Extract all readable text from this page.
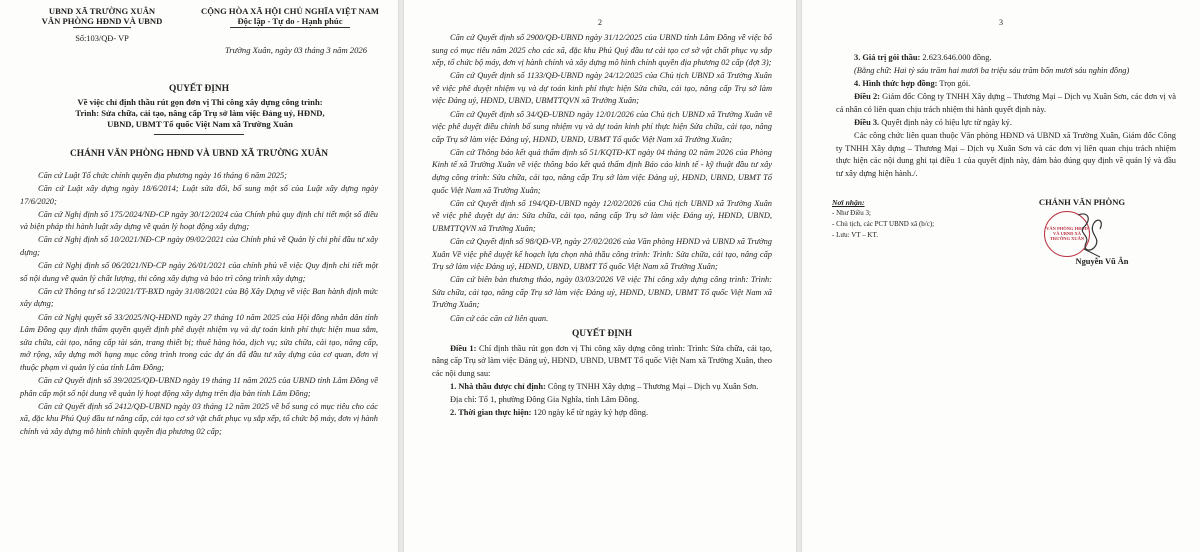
UBND XÃ TRƯỜNG XUÂN
VĂN PHÒNG HĐND VÀ UBND
Số:103/QĐ- VP
CỘNG HÒA XÃ HỘI CHỦ NGHĨA VIỆT NAM
Độc lập - Tự do - Hạnh phúc
Trường Xuân, ngày 03 tháng 3 năm 2026
QUYẾT ĐỊNH
Về việc chỉ định thầu rút gọn đơn vị Thi công xây dựng công trình:
Trình: Sửa chữa, cải tạo, nâng cấp Trụ sở làm việc Đảng uỷ, HĐND,
UBND, UBMT Tổ quốc Việt Nam xã Trường Xuân
CHÁNH VĂN PHÒNG HĐND VÀ UBND XÃ TRƯỜNG XUÂN

Căn cứ Luật Tổ chức chính quyền địa phương ngày 16 tháng 6 năm 2025;

Căn cứ Luật xây dựng ngày 18/6/2014; Luật sửa đổi, bổ sung một số của Luật xây dựng ngày 17/6/2020;

Căn cứ Nghị định số 175/2024/NĐ-CP ngày 30/12/2024 của Chính phủ quy định chi tiết một số điều và biện pháp thi hành luật xây dựng về quản lý hoạt động xây dựng;

Căn cứ Nghị định số 10/2021/NĐ-CP ngày 09/02/2021 của Chính phủ về Quản lý chi phí đầu tư xây dựng;

Căn cứ Nghị định số 06/2021/NĐ-CP ngày 26/01/2021 của chính phủ về việc Quy định chi tiết một số nội dung về quản lý chất lượng, thi công xây dựng và bảo trì công trình xây dựng;

Căn cứ Thông tư số 12/2021/TT-BXD ngày 31/08/2021 của Bộ Xây Dựng về việc Ban hành định mức xây dựng;

Căn cứ Nghị quyết số 33/2025/NQ-HĐND ngày 27 tháng 10 năm 2025 của Hội đồng nhân dân tỉnh Lâm Đồng quy định thẩm quyền quyết định phê duyệt nhiệm vụ và dự toán kinh phí thực hiện mua sắm, sửa chữa, cải tạo, nâng cấp tài sản, trang thiết bị; thuê hàng hóa, dịch vụ; sửa chữa, cải tạo, nâng cấp, mở rộng, xây dựng mới hạng mục công trình trong các dự án đã đầu tư xây dựng của cơ quan, đơn vị thuộc phạm vi quản lý của tỉnh Lâm Đồng;

Căn cứ Quyết định số 39/2025/QĐ-UBND ngày 19 tháng 11 năm 2025 của UBND tỉnh Lâm Đồng về phân cấp một số nội dung về quản lý hoạt động xây dựng trên địa bàn tỉnh Lâm Đồng;

Căn cứ Quyết định số 2412/QĐ-UBND ngày 03 tháng 12 năm 2025 về bổ sung có mục tiêu cho các xã, đặc khu Phú Quý đầu tư nâng cấp, cải tạo cơ sở vật chất phục vụ sắp xếp, tổ chức bộ máy, đơn vị hành chính và xây dựng mô hình chính quyền địa phương 02 cấp;

2

Căn cứ Quyết định số 2900/QĐ-UBND ngày 31/12/2025 của UBND tỉnh Lâm Đồng về việc bổ sung có mục tiêu năm 2025 cho các xã, đặc khu Phú Quý đầu tư cải tạo cơ sở vật chất phục vụ sắp xếp, tổ chức bộ máy, đơn vị hành chính và xây dựng mô hình chính quyền địa phương 02 cấp (đợt 3);

Căn cứ Quyết định số 1133/QĐ-UBND ngày 24/12/2025 của Chủ tịch UBND xã Trường Xuân về việc phê duyệt nhiệm vụ và dự toán kinh phí thực hiện Sửa chữa, cải tạo, nâng cấp Trụ sở làm việc Đảng uỷ, HĐND, UBND, UBMTTQVN xã Trường Xuân;

Căn cứ Quyết định số 34/QĐ-UBND ngày 12/01/2026 của Chủ tịch UBND xã Trường Xuân về việc phê duyệt điều chỉnh bổ sung nhiệm vụ và dự toán kinh phí thực hiện Sửa chữa, cải tạo, nâng cấp Trụ sở làm việc Đảng uỷ, HĐND, UBND, UBMT Tổ quốc Việt Nam xã Trường Xuân;

Căn cứ Thông báo kết quả thẩm định số 51/KQTĐ-KT ngày 04 tháng 02 năm 2026 của Phòng Kinh tế xã Trường Xuân về việc thông báo kết quả thẩm định Báo cáo kinh tế - kỹ thuật đầu tư xây dựng công trình: Sửa chữa, cải tạo, nâng cấp Trụ sở làm việc Đảng uỷ, HĐND, UBND, UBMT Tổ quốc Việt Nam xã Trường Xuân;

Căn cứ Quyết định số 194/QĐ-UBND ngày 12/02/2026 của Chủ tịch UBND xã Trường Xuân về việc phê duyệt dự án: Sửa chữa, cải tạo, nâng cấp Trụ sở làm việc Đảng uỷ, HĐND, UBND, UBMTTQVN xã Trường Xuân;

Căn cứ Quyết định số 98/QĐ-VP, ngày 27/02/2026 của Văn phòng HĐND và UBND xã Trường Xuân Về việc phê duyệt kế hoạch lựa chọn nhà thầu công trình: Trình: Sửa chữa, cải tạo, nâng cấp Trụ sở làm việc Đảng uỷ, HĐND, UBND, UBMT Tổ quốc Việt Nam xã Trường Xuân;

Căn cứ biên bản thương thảo, ngày 03/03/2026 Về việc Thi công xây dựng công trình: Trình: Sửa chữa, cải tạo, nâng cấp Trụ sở làm việc Đảng uỷ, HĐND, UBND, UBMT Tổ quốc Việt Nam xã Trường Xuân;

Căn cứ các căn cứ liên quan.

QUYẾT ĐỊNH

Điều 1: Chỉ định thầu rút gọn đơn vị Thi công xây dựng công trình: Trình: Sửa chữa, cải tạo, nâng cấp Trụ sở làm việc Đảng uỷ, HĐND, UBND, UBMT Tổ quốc Việt Nam xã Trường Xuân, theo các nội dung sau:

1. Nhà thầu được chỉ định: Công ty TNHH Xây dựng – Thương Mại – Dịch vụ Xuân Sơn.

Địa chỉ: Tổ 1, phường Đông Gia Nghĩa, tỉnh Lâm Đồng.

2. Thời gian thực hiện: 120 ngày kể từ ngày ký hợp đồng.

3

3. Giá trị gói thầu: 2.623.646.000 đồng.

(Bằng chữ: Hai tỷ sáu trăm hai mươi ba triệu sáu trăm bốn mươi sáu nghìn đồng)

4. Hình thức hợp đồng: Trọn gói.

Điều 2: Giám đốc Công ty TNHH Xây dựng – Thương Mại – Dịch vụ Xuân Sơn, các đơn vị và cá nhân có liên quan chịu trách nhiệm thi hành quyết định này.

Điều 3. Quyết định này có hiệu lực từ ngày ký.

Các công chức liên quan thuộc Văn phòng HĐND và UBND xã Trường Xuân, Giám đốc Công ty TNHH Xây dựng – Thương Mại – Dịch vụ Xuân Sơn và các đơn vị liên quan chịu trách nhiệm thực hiện các nội dung ghi tại điều 1 của quyết định này, đảm bảo đúng quy định về quản lý và đầu tư xây dựng hiện hành./.

Nơi nhận:
- Như Điều 3;
- Chủ tịch, các PCT UBND xã (b/c);
- Lưu: VT – KT.
CHÁNH VĂN PHÒNG
VĂN PHÒNG HĐND VÀ UBND XÃ TRƯỜNG XUÂN
Nguyễn Vũ Ân
